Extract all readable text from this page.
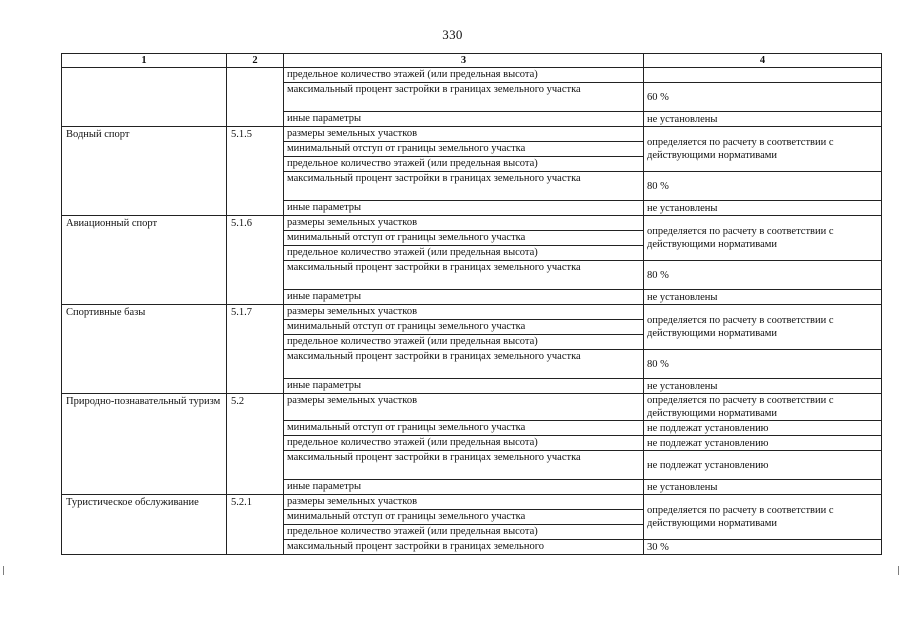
330
1	2	3	4
		предельное количество этажей (или предельная высота)	
		максимальный процент застройки в границах земельного участка	60 %
		иные параметры	не установлены
Водный спорт	5.1.5	размеры земельных участков	определяется по расчету в соответствии с действующими нормативами
		минимальный отступ от границы земельного участка	
		предельное количество этажей (или предельная высота)	
		максимальный процент застройки в границах земельного участка	80 %
		иные параметры	не установлены
Авиационный спорт	5.1.6	размеры земельных участков	определяется по расчету в соответствии с действующими нормативами
		минимальный отступ от границы земельного участка	
		предельное количество этажей (или предельная высота)	
		максимальный процент застройки в границах земельного участка	80 %
		иные параметры	не установлены
Спортивные базы	5.1.7	размеры земельных участков	определяется по расчету в соответствии с действующими нормативами
		минимальный отступ от границы земельного участка	
		предельное количество этажей (или предельная высота)	
		максимальный процент застройки в границах земельного участка	80 %
		иные параметры	не установлены
Природно-познавательный туризм	5.2	размеры земельных участков	определяется по расчету в соответствии с действующими нормативами
		минимальный отступ от границы земельного участка	не подлежат установлению
		предельное количество этажей (или предельная высота)	не подлежат установлению
		максимальный процент застройки в границах земельного участка	не подлежат установлению
		иные параметры	не установлены
Туристическое обслуживание	5.2.1	размеры земельных участков	определяется по расчету в соответствии с действующими нормативами
		минимальный отступ от границы земельного участка	
		предельное количество этажей (или предельная высота)	
		максимальный процент застройки в границах земельного	30 %
|	|
